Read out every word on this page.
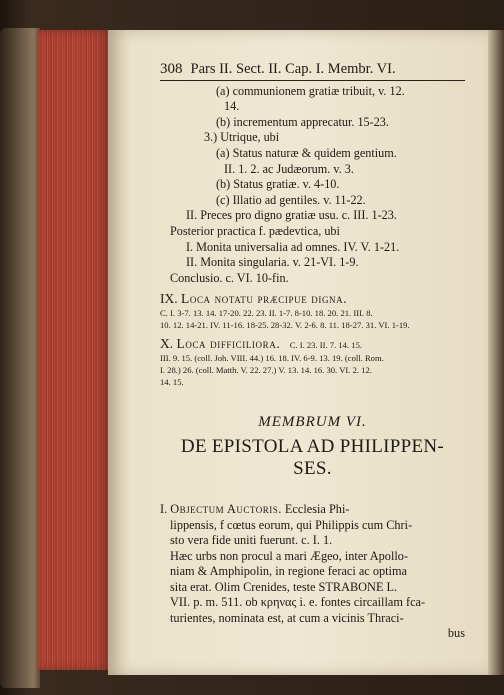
308 Pars II. Sect. II. Cap. I. Membr. VI.
(a) communionem gratiæ tribuit, v. 12.
14.
(b) incrementum apprecatur. 15-23.
3.) Utrique, ubi
(a) Status naturæ & quidem gentium.
II. 1. 2. ac Judæorum. v. 3.
(b) Status gratiæ. v. 4-10.
(c) Illatio ad gentiles. v. 11-22.
II. Preces pro digno gratiæ usu. c. III. 1-23.
Posterior practica f. pædevtica, ubi
I. Monita universalia ad omnes. IV. V. 1-21.
II. Monita singularia. v. 21-VI. 1-9.
Conclusio. c. VI. 10-fin.
IX. Loca notatu præcipue digna.
C. I. 3-7. 13. 14. 17-20. 22. 23. II. 1-7. 8-10. 18. 20. 21. III. 8.
10. 12. 14-21. IV. 11-16. 18-25. 28-32. V. 2-6. 8. 11. 18-27. 31. VI. 1-19.
X. Loca difficiliora. C. I. 23. II. 7. 14. 15.
III. 9. 15. (coll. Joh. VIII. 44.) 16. 18. IV. 6-9. 13. 19. (coll. Rom.
I. 28.) 26. (coll. Matth. V. 22. 27.) V. 13. 14. 16. 30. VI. 2. 12.
14. 15.
MEMBRUM VI.
DE EPISTOLA AD PHILIPPEN-
SES.
I. Objectum Auctoris. Ecclesia Phi-
lippensis, f cœtus eorum, qui Philippis cum Chri-
sto vera fide uniti fuerunt. c. I. 1.
Hæc urbs non procul a mari Ægeo, inter Apollo-
niam & Amphipolin, in regione feraci ac optima
sita erat. Olim Crenides, teste STRABONE L.
VII. p. m. 511. ob κρηνας i. e. fontes circaillam fca-
turientes, nominata est, at cum a vicinis Thraci-
bus
